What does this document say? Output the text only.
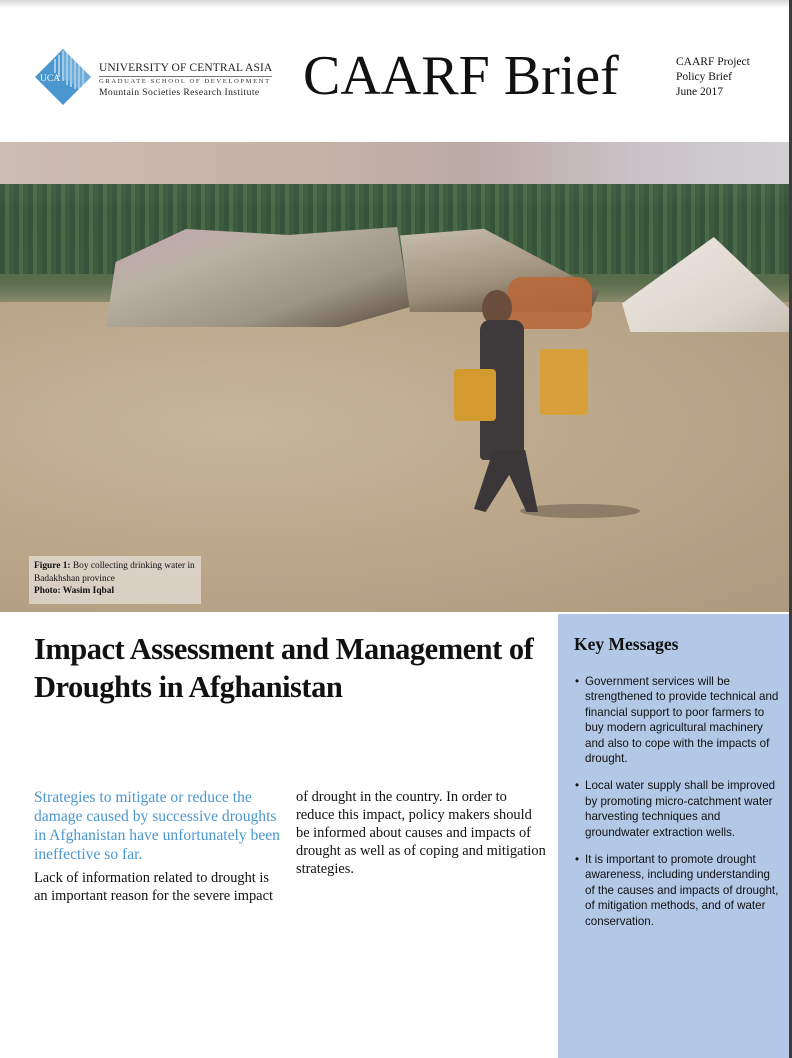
UCA
UNIVERSITY OF CENTRAL ASIA
GRADUATE SCHOOL OF DEVELOPMENT
Mountain Societies Research Institute CAARF Brief	CAARF Project
Policy Brief
June 2017
Figure 1: Boy collecting drinking water in Badakhshan province
Photo: Wasim Iqbal
Impact Assessment and Management of Droughts in Afghanistan

Strategies to mitigate or reduce the damage caused by successive droughts in Afghanistan have unfortunately been ineffective so far.

Lack of information related to drought is an important reason for the severe impact

of drought in the country. In order to reduce this impact, policy makers should be informed about causes and impacts of drought as well as of coping and mitigation strategies.

Key Messages
• Government services will be strengthened to provide technical and financial support to poor farmers to buy modern agricultural machinery and also to cope with the impacts of drought.
• Local water supply shall be improved by promoting micro-catchment water harvesting techniques and groundwater extraction wells.
• It is important to promote drought awareness, including understanding of the causes and impacts of drought, of mitigation methods, and of water conservation.
